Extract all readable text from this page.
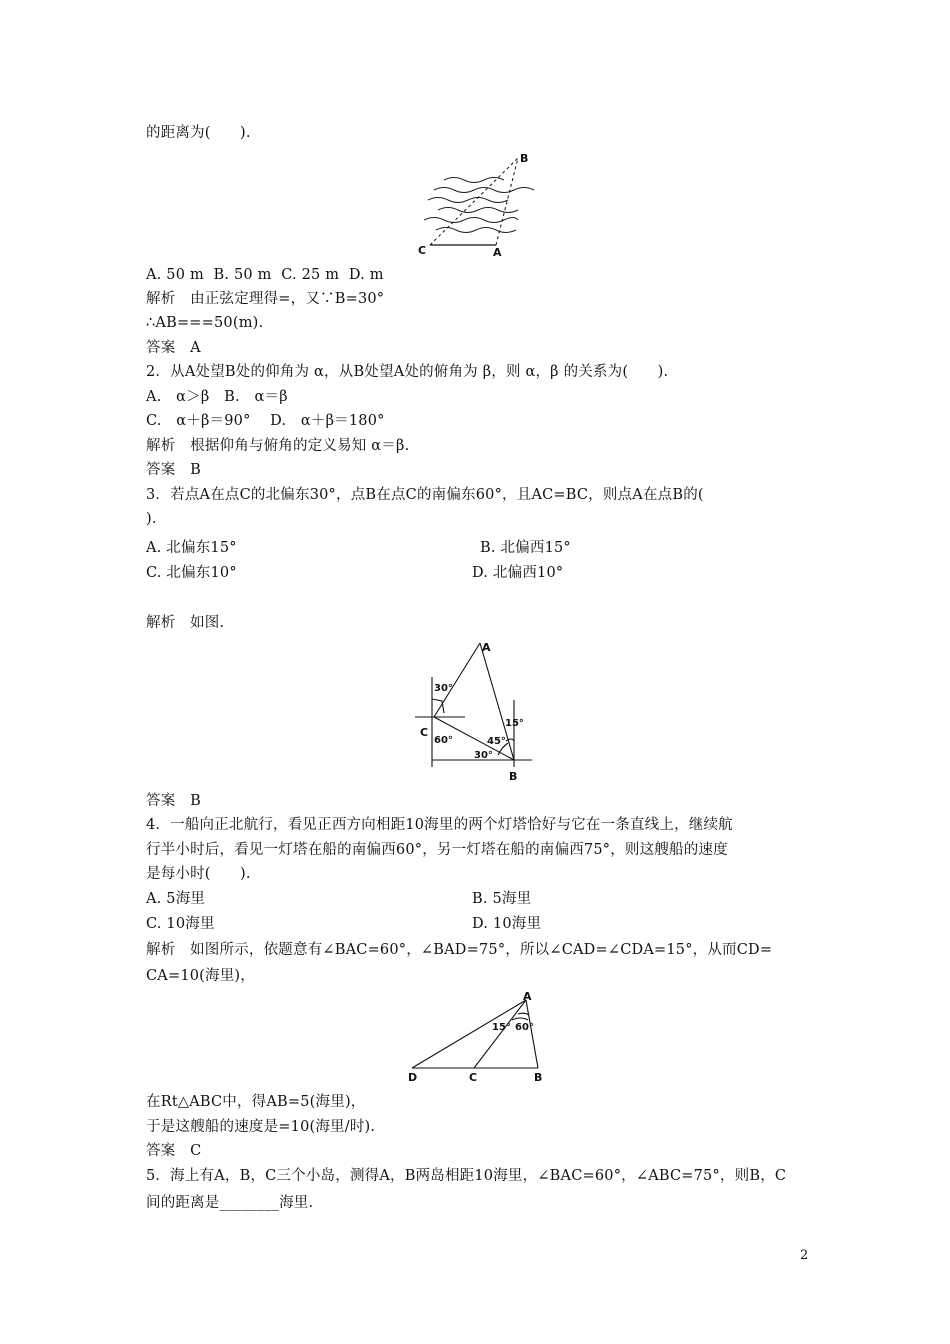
的距离为(　　).
B
C	A
A. 50 m  B. 50 m  C. 25 m  D. m
解析　由正弦定理得=，又∵B=30°
∴AB===50(m).
答案　A
2．从A处望B处的仰角为 α，从B处望A处的俯角为 β，则 α，β 的关系为(　　).
A.　α＞β　B.　α＝β
C.　α＋β＝90°　 D.　α＋β＝180°
解析　根据仰角与俯角的定义易知 α＝β.
答案　B
3．若点A在点C的北偏东30°，点B在点C的南偏东60°，且AC=BC，则点A在点B的(
).
A. 北偏东15°	B. 北偏西15°
C. 北偏东10°	D. 北偏西10°
解析　如图.
A
C
B
30°
60°
15°
45°
30°
答案　B
4．一船向正北航行，看见正西方向相距10海里的两个灯塔恰好与它在一条直线上，继续航
行半小时后，看见一灯塔在船的南偏西60°，另一灯塔在船的南偏西75°，则这艘船的速度
是每小时(　　).
A. 5海里	B. 5海里
C. 10海里	D. 10海里
解析　如图所示，依题意有∠BAC=60°，∠BAD=75°，所以∠CAD=∠CDA=15°，从而CD=
CA=10(海里)，
A
D	C	B
15° 60°
在Rt△ABC中，得AB=5(海里)，
于是这艘船的速度是=10(海里/时).
答案　C
5．海上有A，B，C三个小岛，测得A，B两岛相距10海里，∠BAC=60°，∠ABC=75°，则B，C
间的距离是________海里.
2
